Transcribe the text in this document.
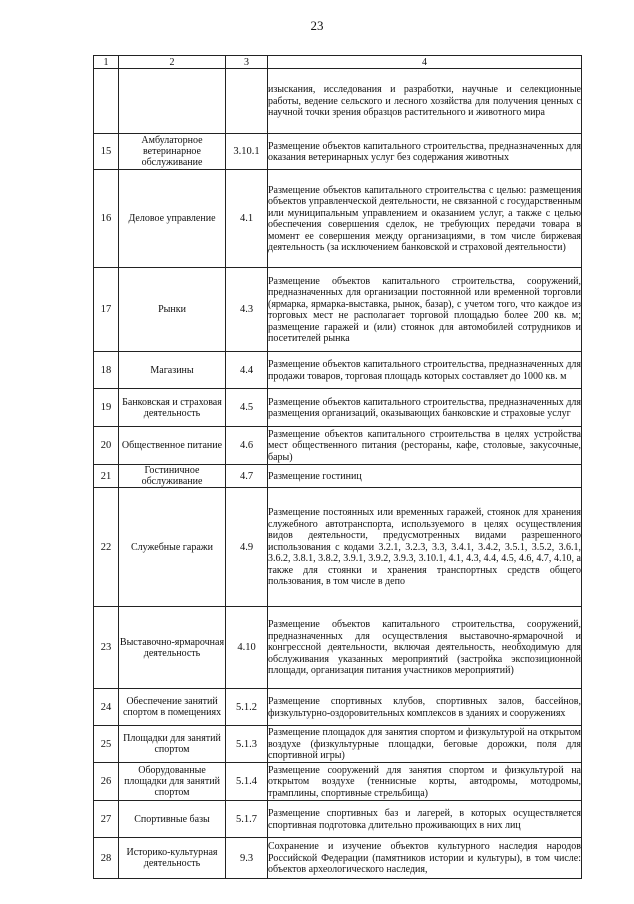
23
1	2	3	4

			изыскания, исследования и разработки, научные и селекционные работы, ведение сельского и лесного хозяйства для получения ценных с научной точки зрения образцов растительного и животного мира

15	Амбулаторное ветеринарное обслуживание	3.10.1	Размещение объектов капитального строительства, предназначенных для оказания ветеринарных услуг без содержания животных

16	Деловое управление	4.1	Размещение объектов капитального строительства с целью: размещения объектов управленческой деятельности, не связанной с государственным или муниципальным управлением и оказанием услуг, а также с целью обеспечения совершения сделок, не требующих передачи товара в момент ее совершения между организациями, в том числе биржевая деятельность (за исключением банковской и страховой деятельности)

17	Рынки	4.3	Размещение объектов капитального строительства, сооружений, предназначенных для организации постоянной или временной торговли (ярмарка, ярмарка-выставка, рынок, базар), с учетом того, что каждое из торговых мест не располагает торговой площадью более 200 кв. м; размещение гаражей и (или) стоянок для автомобилей сотрудников и посетителей рынка

18	Магазины	4.4	Размещение объектов капитального строительства, предназначенных для продажи товаров, торговая площадь которых составляет до 1000 кв. м

19	Банковская и страховая деятельность	4.5	Размещение объектов капитального строительства, предназначенных для размещения организаций, оказывающих банковские и страховые услуг

20	Общественное питание	4.6	Размещение объектов капитального строительства в целях устройства мест общественного питания (рестораны, кафе, столовые, закусочные, бары)

21	Гостиничное обслуживание	4.7	Размещение гостиниц

22	Служебные гаражи	4.9	Размещение постоянных или временных гаражей, стоянок для хранения служебного автотранспорта, используемого в целях осуществления видов деятельности, предусмотренных видами разрешенного использования с кодами 3.2.1, 3.2.3, 3.3, 3.4.1, 3.4.2, 3.5.1, 3.5.2, 3.6.1, 3.6.2, 3.8.1, 3.8.2, 3.9.1, 3.9.2, 3.9.3, 3.10.1, 4.1, 4.3, 4.4, 4.5, 4.6, 4.7, 4.10, а также для стоянки и хранения транспортных средств общего пользования, в том числе в депо

23	Выставочно-ярмарочная деятельность	4.10	Размещение объектов капитального строительства, сооружений, предназначенных для осуществления выставочно-ярмарочной и конгрессной деятельности, включая деятельность, необходимую для обслуживания указанных мероприятий (застройка экспозиционной площади, организация питания участников мероприятий)

24	Обеспечение занятий спортом в помещениях	5.1.2	Размещение спортивных клубов, спортивных залов, бассейнов, физкультурно-оздоровительных комплексов в зданиях и сооружениях

25	Площадки для занятий спортом	5.1.3	Размещение площадок для занятия спортом и физкультурой на открытом воздухе (физкультурные площадки, беговые дорожки, поля для спортивной игры)

26	Оборудованные площадки для занятий спортом	5.1.4	Размещение сооружений для занятия спортом и физкультурой на открытом воздухе (теннисные корты, автодромы, мотодромы, трамплины, спортивные стрельбища)

27	Спортивные базы	5.1.7	Размещение спортивных баз и лагерей, в которых осуществляется спортивная подготовка длительно проживающих в них лиц

28	Историко-культурная деятельность	9.3	Сохранение и изучение объектов культурного наследия народов Российской Федерации (памятников истории и культуры), в том числе: объектов археологического наследия,
